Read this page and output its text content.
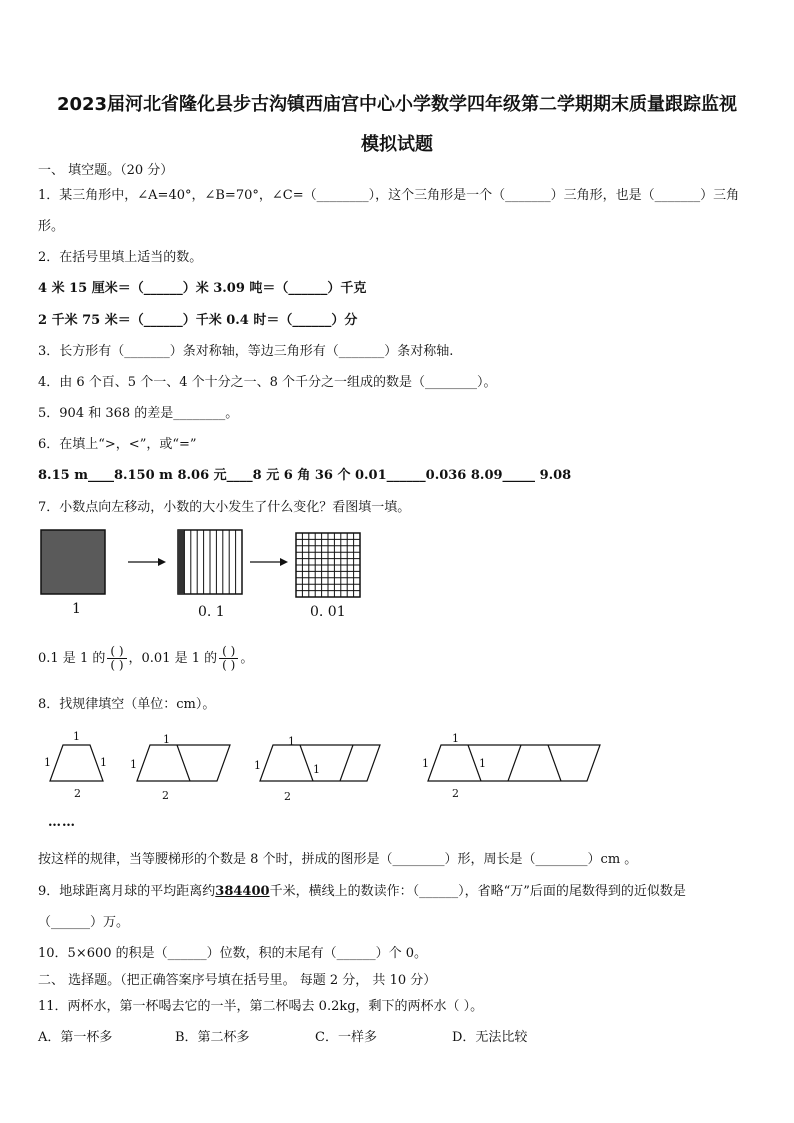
2023届河北省隆化县步古沟镇西庙宫中心小学数学四年级第二学期期末质量跟踪监视
模拟试题
一、 填空题。（20 分）
1．某三角形中，∠A=40°，∠B=70°，∠C=（________），这个三角形是一个（_______）三角形，也是（_______）三角
形。
2．在括号里填上适当的数。
4 米 15 厘米＝（______）米 3.09 吨＝（______）千克
2 千米 75 米＝（______）千米 0.4 时＝（______）分
3．长方形有（_______）条对称轴，等边三角形有（_______）条对称轴.
4．由 6 个百、5 个一、4 个十分之一、8 个千分之一组成的数是（________）。
5．904 和 368 的差是________。
6．在填上“>，<”，或“=”
8.15 m____8.150 m 8.06 元____8 元 6 角 36 个 0.01______0.036 8.09_____ 9.08
7．小数点向左移动，小数的大小发生了什么变化？看图填一填。
1	0. 1	0. 01
0.1 是 1 的 $\frac{( )}{( )}$ ，0.01 是 1 的 $\frac{( )}{( )}$ 。
8．找规律填空（单位：cm）。
1
1	1
2
1
1
2
1
1	1
2
1
1	1
2
……
按这样的规律，当等腰梯形的个数是 8 个时，拼成的图形是（________）形，周长是（________）cm 。
9．地球距离月球的平均距离约384400千米，横线上的数读作：（______），省略“万”后面的尾数得到的近似数是
（______）万。
10．5×600 的积是（______）位数，积的末尾有（______）个 0。
二、 选择题。（把正确答案序号填在括号里。 每题 2 分， 共 10 分）
11．两杯水，第一杯喝去它的一半，第二杯喝去 0.2kg，剩下的两杯水（ ）。
A．第一杯多	B．第二杯多	C．一样多	D．无法比较
